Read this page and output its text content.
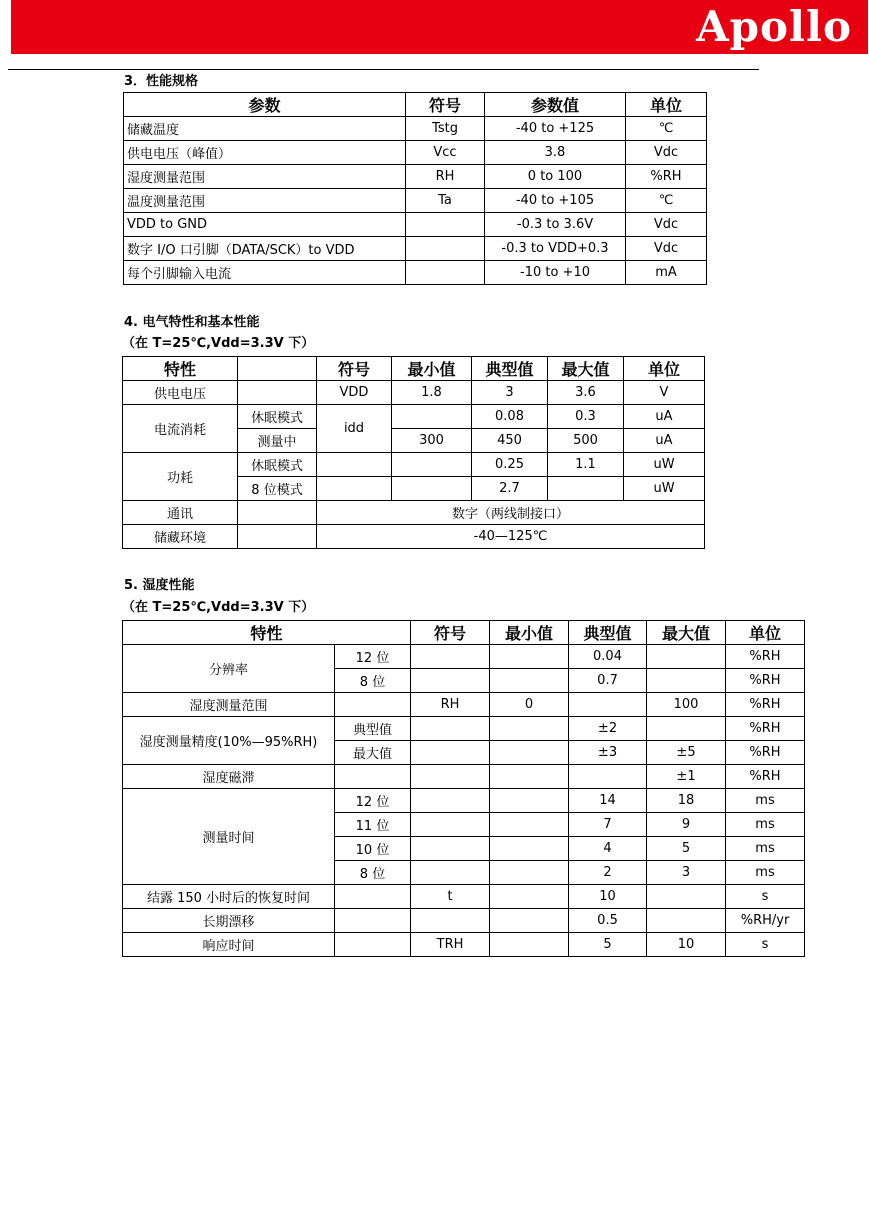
Apollo
3．性能规格
参数	符号	参数值	单位
储藏温度	Tstg	-40 to +125	℃
供电电压（峰值）	Vcc	3.8	Vdc
湿度测量范围	RH	0 to 100	%RH
温度测量范围	Ta	-40 to +105	℃
VDD to GND		-0.3 to 3.6V	Vdc
数字 I/O 口引脚（DATA/SCK）to VDD		-0.3 to VDD+0.3	Vdc
每个引脚输入电流		-10 to +10	mA
4. 电气特性和基本性能
（在 T=25℃,Vdd=3.3V 下）
特性		符号	最小值	典型值	最大值	单位
供电电压		VDD	1.8	3	3.6	V
电流消耗	休眠模式	idd		0.08	0.3	uA
	测量中		300	450	500	uA
功耗	休眠模式			0.25	1.1	uW
	8 位模式			2.7		uW
通讯		数字（两线制接口）				
储藏环境		-40—125℃				
5. 湿度性能
（在 T=25℃,Vdd=3.3V 下）
特性		符号	最小值	典型值	最大值	单位
分辨率	12 位			0.04		%RH
	8 位			0.7		%RH
湿度测量范围		RH	0		100	%RH
湿度测量精度(10%—95%RH)	典型值			±2		%RH
	最大值			±3	±5	%RH
湿度磁滞					±1	%RH
测量时间	12 位			14	18	ms
	11 位			7	9	ms
	10 位			4	5	ms
	8 位			2	3	ms
结露 150 小时后的恢复时间		t		10		s
长期漂移				0.5		%RH/yr
响应时间		TRH		5	10	s
